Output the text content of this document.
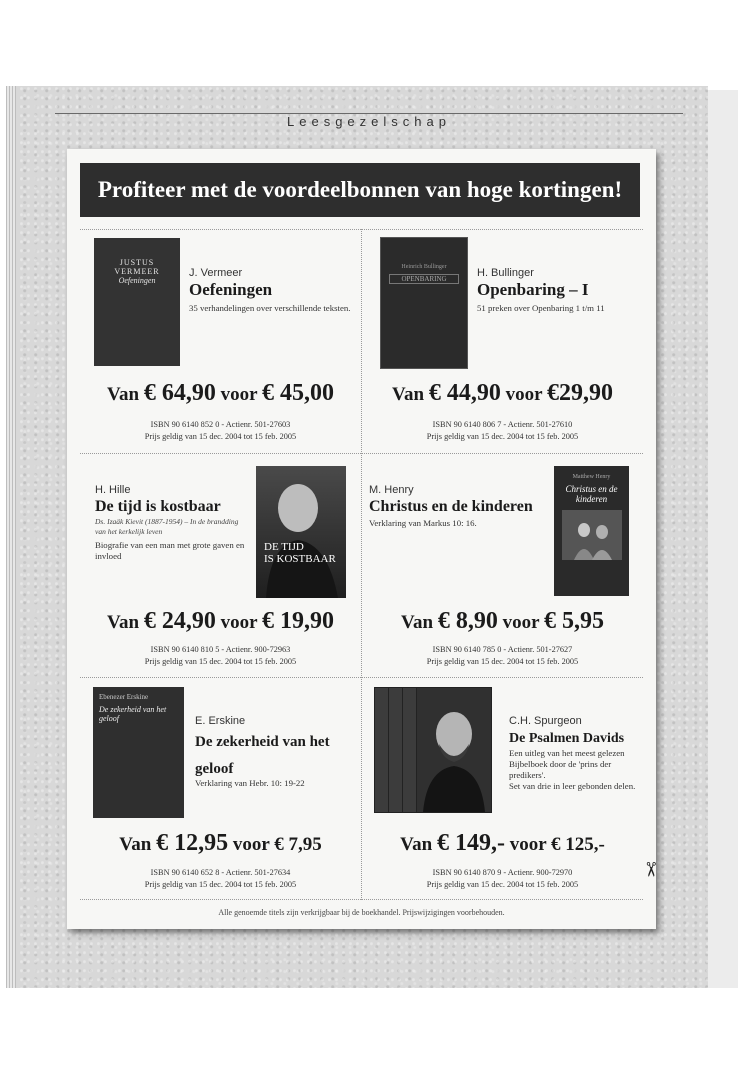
Leesgezelschap
Profiteer met de voordeelbonnen van hoge kortingen!
JUSTUS
VERMEER
Oefeningen
J. Vermeer
Oefeningen
35 verhandelingen over verschillende teksten.
Van € 64,90 voor € 45,00
ISBN 90 6140 852 0 - Actienr. 501-27603
Prijs geldig van 15 dec. 2004 tot 15 feb. 2005
Heinrich Bullinger
OPENBARING	H. Bullinger
Openbaring – I
51 preken over Openbaring 1 t/m 11
Van € 44,90 voor €29,90
ISBN 90 6140 806 7 - Actienr. 501-27610
Prijs geldig van 15 dec. 2004 tot 15 feb. 2005
H. Hille
De tijd is kostbaar
Ds. Izaäk Kievit (1887-1954) – In de brandding van het kerkelijk leven
Biografie van een man met grote gaven en invloed
DE TIJD
IS KOSTBAAR
Van € 24,90 voor € 19,90
ISBN 90 6140 810 5 - Actienr. 900-72963
Prijs geldig van 15 dec. 2004 tot 15 feb. 2005
M. Henry
Christus en de kinderen
Verklaring van Markus 10: 16.
Matthew Henry
Christus en de kinderen
Van € 8,90 voor € 5,95
ISBN 90 6140 785 0 - Actienr. 501-27627
Prijs geldig van 15 dec. 2004 tot 15 feb. 2005
Ebenezer Erskine
De zekerheid van het geloof	E. Erskine
De zekerheid van het geloof
Verklaring van Hebr. 10: 19-22
Van € 12,95 voor € 7,95
ISBN 90 6140 652 8 - Actienr. 501-27634
Prijs geldig van 15 dec. 2004 tot 15 feb. 2005
C.H. Spurgeon
De Psalmen Davids
Een uitleg van het meest gelezen Bijbelboek door de 'prins der predikers'.
Set van drie in leer gebonden delen.
Van € 149,- voor € 125,-
ISBN 90 6140 870 9 - Actienr. 900-72970
Prijs geldig van 15 dec. 2004 tot 15 feb. 2005
Alle genoemde titels zijn verkrijgbaar bij de boekhandel. Prijswijzigingen voorbehouden.
✂
